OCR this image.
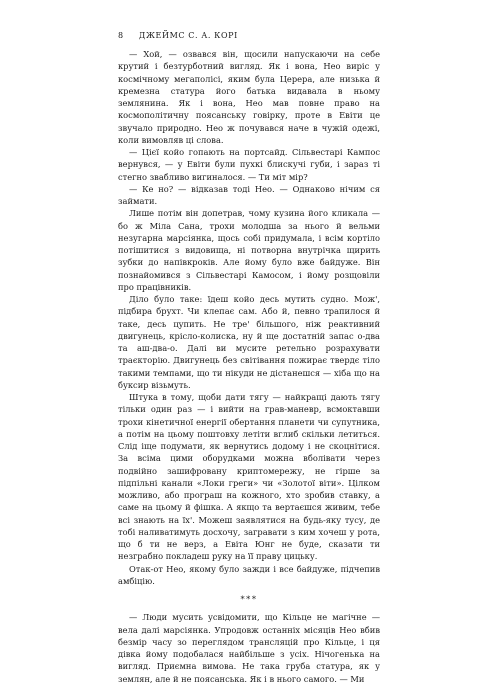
8 ДЖЕЙМС С. А. КОРІ

— Хой, — озвався він, щосили напускаючи на себе крутий і безтурботний вигляд. Як і вона, Нео виріс у космічному мегаполісі, яким була Церера, але низька й кремезна статура його батька видавала в ньому землянина. Як і вона, Нео мав повне право на космополітичну поясанську говірку, проте в Евіти це звучало природно. Нео ж почувався наче в чужій одежі, коли вимовляв ці слова.

— Цієї койо гопають на портсайд. Сільвестарі Кампос вернувся, — у Евіти були пухкі блискучі губи, і зараз ті стегно звабливо вигиналося. — Ти міт мір?

— Ке но? — відказав тоді Нео. — Однаково нічим ся займати.

Лише потім він допетрав, чому кузина його кликала — бо ж Міла Сана, трохи молодша за нього й вельми незугарна марсіянка, щось собі придумала, і всім кортіло потішитися з видовища, ні потворна внутрічка щирить зубки до напівкроків. Але йому було вже байдуже. Він познайомився з Сільвестарі Камосом, і йому розщовіли про працівників.

Діло було таке: їдеш койо десь мутить судно. Мож', підбира брухт. Чи клепає сам. Або й, певно трапилося й таке, десь цупить. Не тре' більшого, ніж реактивний двигунець, крісло-колиска, ну й ще достатній запас о-два та аш-два-о. Далі ви мусите ретельно розрахувати траєкторію. Двигунець без світівання пожирає твердє тіло такими темпами, що ти нікуди не дістанешся — хіба що на буксир візьмуть.

Штука в тому, щоби дати тягу — найкращі дають тягу тільки один раз — і вийти на грав-маневр, всмоктавши трохи кінетичної енергії обертання планети чи супутника, а потім на цьому поштовху летіти вглиб скільки летиться. Слід іще подумати, як вернутись додому і не скоцнітися. За всіма цими оборудками можна вболівати через подвійно зашифровану криптомережу, не гірше за підпільні канали «Локи греги» чи «Золотої віти». Цілком можливо, або програш на кожного, хто зробив ставку, а саме на цьому й фішка. А якщо та вертаєшся живим, тебе всі знають на їх'. Можеш заявлятися на будь-яку тусу, де тобі наливатимуть досхочу, загравати з ким хочеш у рота, що б ти не верз, а Евіта Юнг не буде, сказати ти незграбно покладеш руку на її праву цицьку.

Отак-от Нео, якому було зажди і все байдуже, підчепив амбіцію.

***

— Люди мусить усвідомити, що Кільце не магічне — вела далі марсіянка. Упродовж останніх місяців Нео вбив безмір часу зо переглядом трансляцій про Кільце, і ця дівка йому подобалася найбільше з усіх. Нічогенька на вигляд. Приємна вимова. Не така груба статура, як у землян, але й не поясанська. Як і в нього самого. — Ми
